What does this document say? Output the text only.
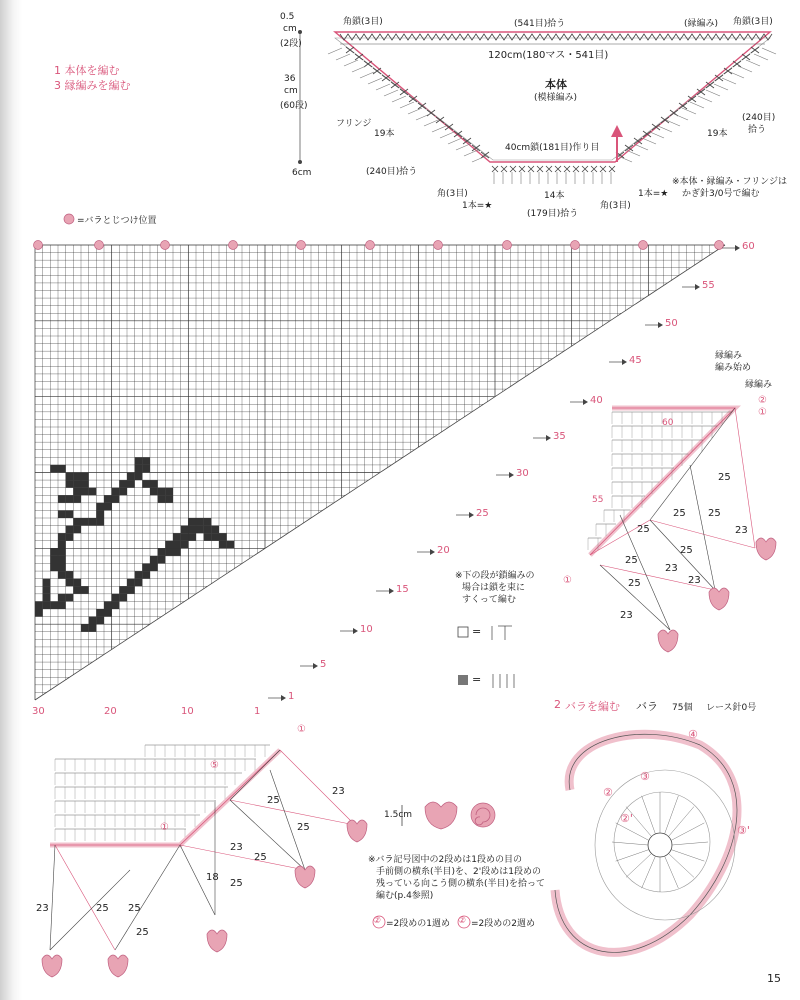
1 本体を編む
3 縁編みを編む
0.5
cm
(2段)
36
cm
(60段)
6cm
角鎖(3目)	角鎖(3目)
(541目)拾う	(縁編み)
120cm(180マス・541目)
本体
(模様編み)
フリンジ
19本	19本
(240目)拾う
(240目)
拾う
40cm鎖(181目)作り目
14本
角(3目)
角(3目)
1本=★
1本=★
(179目)拾う
※本体・縁編み・フリンジは
かぎ針3/0号で編む
=バラとじつけ位置
30	20	10	1
1
5
10
15
20
25
30
35
40
45
50
55
60
縁編み
編み始め
縁編み
60
55
②
①
①
25
25 25
25
25
25
23
25
23
23
23
※下の段が鎖編みの
場合は鎖を束に
すくって編む
=
=
2 バラを編む バラ 75個 レース針0号
1.5cm
④
③
③'
②
②'
※バラ記号図中の2段めは1段めの目の
手前側の横糸(半目)を、2'段めは1段めの
残っている向こう側の横糸(半目)を拾って
編む(p.4参照)
② =2段めの1週め ② =2段めの2週め
⑤
①
①
23
25
25
23
25
18
25
23	25 25
25
15
